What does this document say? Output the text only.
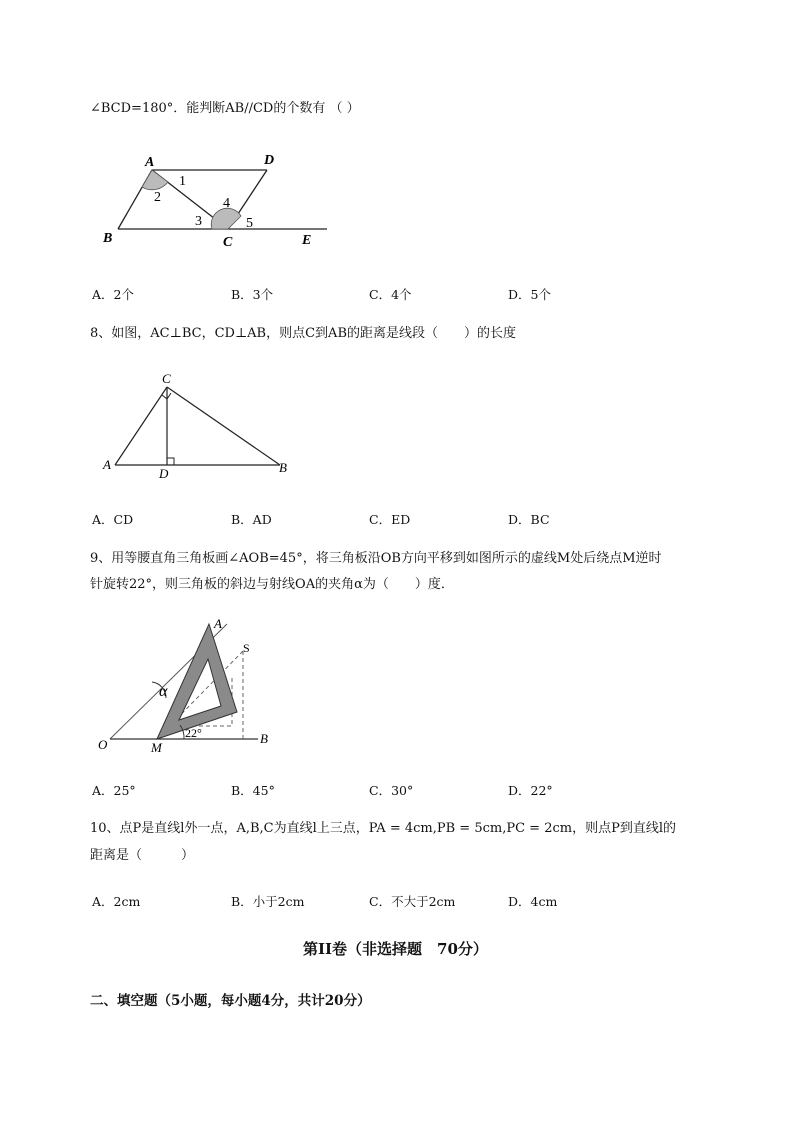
∠BCD=180°．能判断AB//CD的个数有 （ ）
A	D
B	C	E
1
2
3
4
5
A．2个	B．3个	C．4个	D．5个
8、如图，AC⊥BC，CD⊥AB，则点C到AB的距离是线段（　　）的长度
C
A
D	B
A．CD	B．AD	C．ED	D．BC
9、用等腰直角三角板画∠AOB=45°，将三角板沿OB方向平移到如图所示的虚线M处后绕点M逆时
针旋转22°，则三角板的斜边与射线OA的夹角α为（　　）度．
A
S
α
22°
O	M
B
A．25°	B．45°	C．30°	D．22°
10、点P是直线l外一点，A,B,C为直线l上三点，PA = 4cm,PB = 5cm,PC = 2cm，则点P到直线l的
距离是（　　　）
A．2cm	B．小于2cm	C．不大于2cm	D．4cm
第II卷（非选择题　70分）
二、填空题（5小题，每小题4分，共计20分）
